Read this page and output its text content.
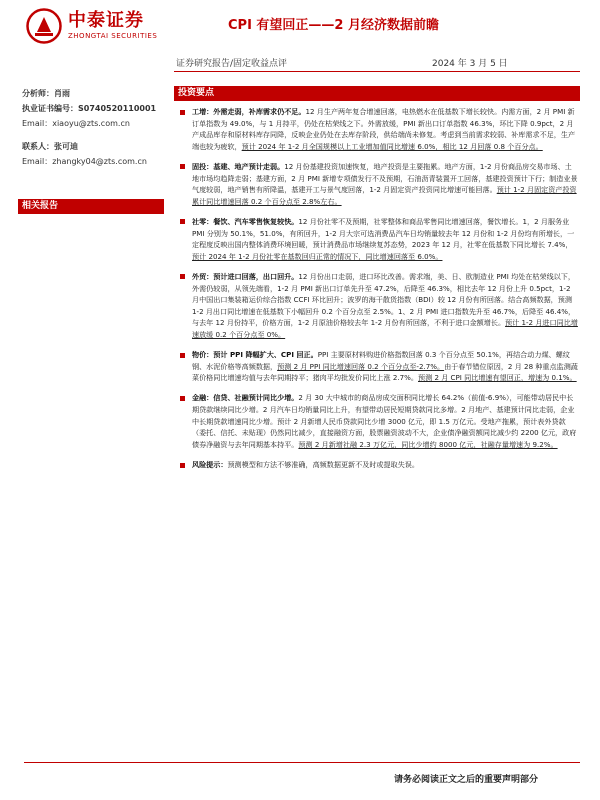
中泰证券
ZHONGTAI SECURITIES
CPI 有望回正——2 月经济数据前瞻
证券研究报告/固定收益点评	2024 年 3 月 5 日
分析师：肖雨
执业证书编号：S0740520110001
Email：xiaoyu@zts.com.cn
联系人：张可迪
Email：zhangky04@zts.com.cn
相关报告
投资要点
工增：外需走弱，补库需求仍不足。12 月生产两年复合增速回落，电热燃水在低基数下增长较快。内需方面，2 月 PMI 新订单指数为 49.0%，与 1 月持平，仍处在枯荣线之下。外需放缓，PMI 新出口订单指数 46.3%，环比下降 0.9pct，2 月产成品库存和原材料库存同降，反映企业仍处在去库存阶段，供给端尚未修复。考虑到当前需求较弱、补库需求不足，生产端也较为疲软，预计 2024 年 1-2 月全国规模以上工业增加值同比增速 6.0%，相比 12 月回落 0.8 个百分点。
固投：基建、地产预计走弱。12 月份基建投资加速恢复，地产投资是主要拖累。地产方面，1-2 月份商品房交易市场、土地市场均趋降走弱；基建方面，2 月 PMI 新增专项债发行不及预期，石油沥青装置开工回落，基建投资预计下行；制造业景气度较弱，地产销售有所降温，基建开工与景气度回落，1-2 月固定资产投资同比增速可能回落。预计 1-2 月固定资产投资累计同比增速回落 0.2 个百分点至 2.8%左右。
社零：餐饮、汽车零售恢复较快。12 月份社零不及预期，社零整体和商品零售同比增速回落，餐饮增长。1，2 月服务业 PMI 分别为 50.1%，51.0%，有所回升，1-2 月大宗可选消费品汽车日均销量较去年 12 月份和 1-2 月份均有所增长，一定程度反映出国内整体消费环境回暖，预计消费品市场继续复苏态势，2023 年 12 月，社零在低基数下同比增长 7.4%，预计 2024 年 1-2 月份社零在基数回归正常的情况下，同比增速回落至 6.0%。
外贸：预计进口回落，出口回升。12 月份出口走弱，进口环比改善。需求端，美、日、欧制造业 PMI 均处在枯荣线以下，外需仍较弱，从领先端看，1-2 月 PMI 新出口订单先升至 47.2%，后降至 46.3%，相比去年 12 月份上升 0.5pct，1-2 月中国出口集装箱运价综合指数 CCFI 环比回升；波罗的海干散货指数（BDI）较 12 月份有所回落。结合高频数据，预测 1-2 月出口同比增速在低基数下小幅回升 0.2 个百分点至 2.5%。1、2 月 PMI 进口指数先升至 46.7%，后降至 46.4%，与去年 12 月份持平，价格方面，1-2 月原油价格较去年 1-2 月份有所回落，不利于进口金额增长。预计 1-2 月进口同比增速放缓 0.2 个百分点至 0%。
物价：预计 PPI 降幅扩大、CPI 回正。PPI 主要原材料购进价格指数回落 0.3 个百分点至 50.1%，再结合动力煤、螺纹钢、水泥价格等高频数据，预测 2 月 PPI 同比增速回落 0.2 个百分点至-2.7%。由于春节错位原因，2 月 28 种重点监测蔬菜价格同比增速均值与去年同期持平；猪肉平均批发价同比上涨 2.7%。预测 2 月 CPI 同比增速有望回正，增速为 0.1%。
金融：信贷、社融预计同比少增。2 月 30 大中城市的商品房成交面积同比增长 64.2%（前值-6.9%），可能带动居民中长期贷款继续同比少增。2 月汽车日均销量同比上升，有望带动居民短期贷款同比多增。2 月地产、基建预计同比走弱，企业中长期贷款增速同比少增。预计 2 月新增人民币贷款同比少增 3000 亿元，即 1.5 万亿元。受地产拖累，预计表外贷款（委托、信托、未贴现）仍然同比减少，直接融资方面，股票融资波动不大，企业债净融资额同比减少约 2200 亿元，政府债券净融资与去年同期基本持平。预测 2 月新增社融 2.3 万亿元，同比少增约 8000 亿元，社融存量增速为 9.2%。
风险提示：预测模型和方法不够准确，高频数据更新不及时或提取失误。
请务必阅读正文之后的重要声明部分
